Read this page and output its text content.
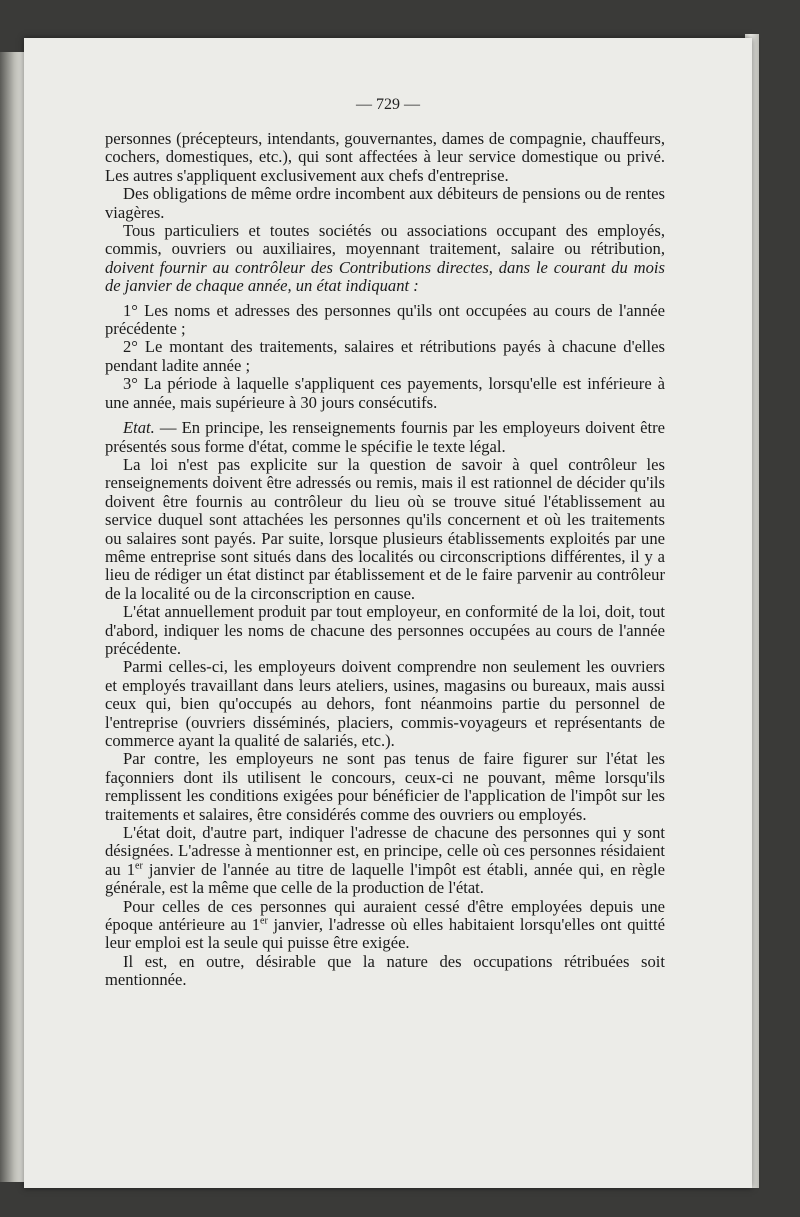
— 729 —

personnes (précepteurs, intendants, gouvernantes, dames de compagnie, chauffeurs, cochers, domestiques, etc.), qui sont affectées à leur service domestique ou privé. Les autres s'appliquent exclusivement aux chefs d'entreprise.

Des obligations de même ordre incombent aux débiteurs de pensions ou de rentes viagères.

Tous particuliers et toutes sociétés ou associations occupant des employés, commis, ouvriers ou auxiliaires, moyennant traitement, salaire ou rétribution, doivent fournir au contrôleur des Contributions directes, dans le courant du mois de janvier de chaque année, un état indiquant :

1° Les noms et adresses des personnes qu'ils ont occupées au cours de l'année précédente ;

2° Le montant des traitements, salaires et rétributions payés à chacune d'elles pendant ladite année ;

3° La période à laquelle s'appliquent ces payements, lorsqu'elle est inférieure à une année, mais supérieure à 30 jours consécutifs.

Etat. — En principe, les renseignements fournis par les employeurs doivent être présentés sous forme d'état, comme le spécifie le texte légal.

La loi n'est pas explicite sur la question de savoir à quel contrôleur les renseignements doivent être adressés ou remis, mais il est rationnel de décider qu'ils doivent être fournis au contrôleur du lieu où se trouve situé l'établissement au service duquel sont attachées les personnes qu'ils concernent et où les traitements ou salaires sont payés. Par suite, lorsque plusieurs établissements exploités par une même entreprise sont situés dans des localités ou circonscriptions différentes, il y a lieu de rédiger un état distinct par établissement et de le faire parvenir au contrôleur de la localité ou de la circonscription en cause.

L'état annuellement produit par tout employeur, en conformité de la loi, doit, tout d'abord, indiquer les noms de chacune des personnes occupées au cours de l'année précédente.

Parmi celles-ci, les employeurs doivent comprendre non seulement les ouvriers et employés travaillant dans leurs ateliers, usines, magasins ou bureaux, mais aussi ceux qui, bien qu'occupés au dehors, font néanmoins partie du personnel de l'entreprise (ouvriers disséminés, placiers, commis-voyageurs et représentants de commerce ayant la qualité de salariés, etc.).

Par contre, les employeurs ne sont pas tenus de faire figurer sur l'état les façonniers dont ils utilisent le concours, ceux-ci ne pouvant, même lorsqu'ils remplissent les conditions exigées pour bénéficier de l'application de l'impôt sur les traitements et salaires, être considérés comme des ouvriers ou employés.

L'état doit, d'autre part, indiquer l'adresse de chacune des personnes qui y sont désignées. L'adresse à mentionner est, en principe, celle où ces personnes résidaient au 1er janvier de l'année au titre de laquelle l'impôt est établi, année qui, en règle générale, est la même que celle de la production de l'état.

Pour celles de ces personnes qui auraient cessé d'être employées depuis une époque antérieure au 1er janvier, l'adresse où elles habitaient lorsqu'elles ont quitté leur emploi est la seule qui puisse être exigée.

Il est, en outre, désirable que la nature des occupations rétribuées soit mentionnée.
